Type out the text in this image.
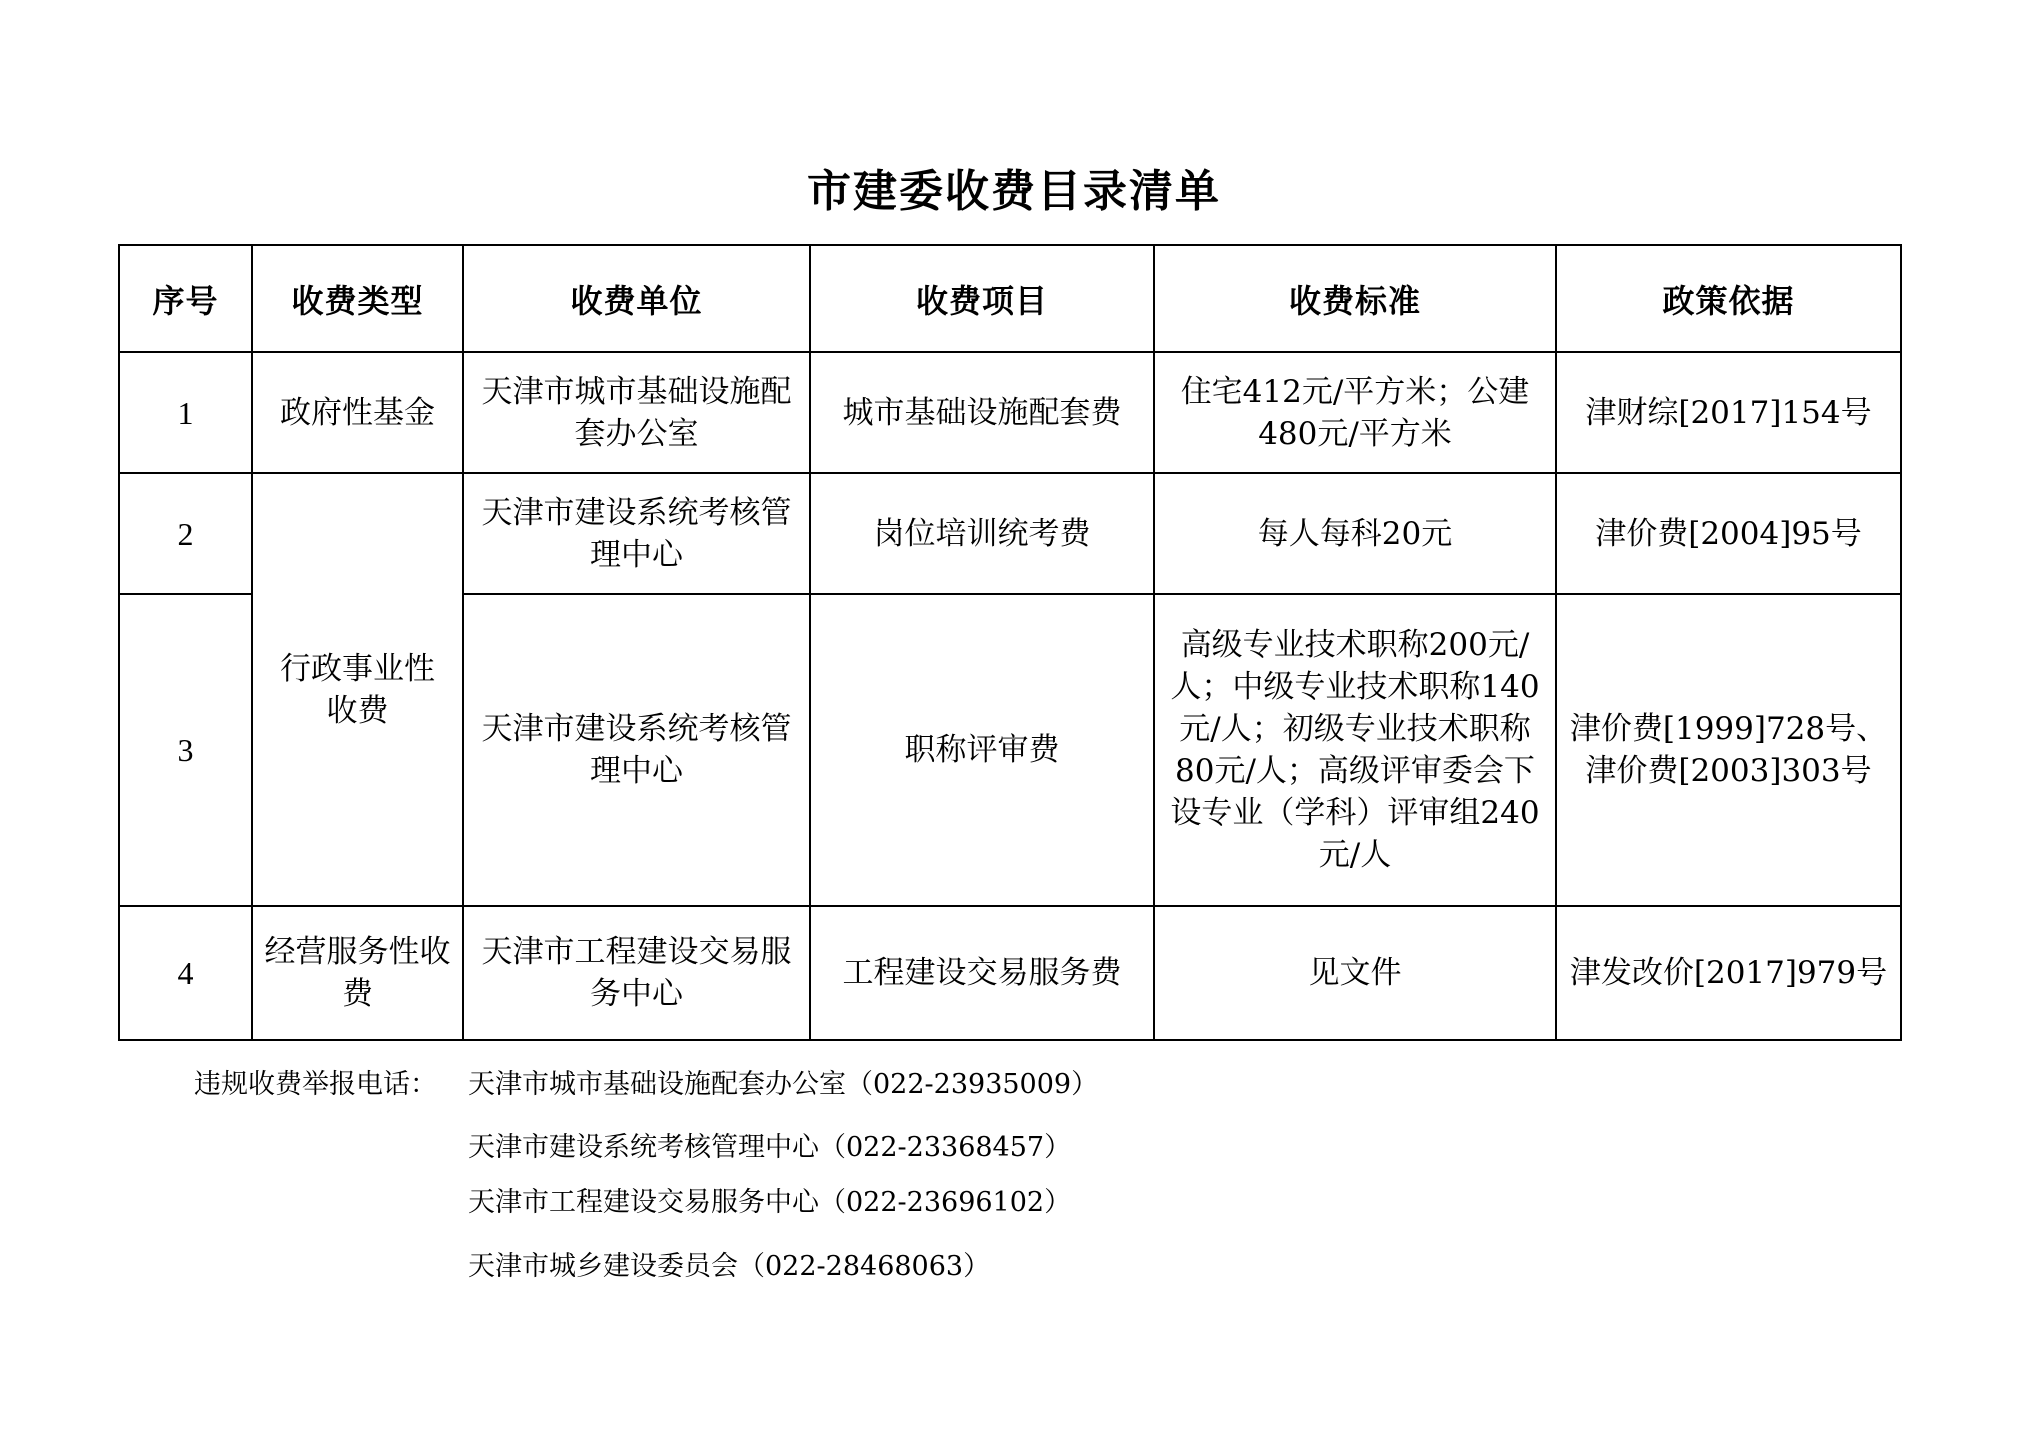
市建委收费目录清单
序号	收费类型	收费单位	收费项目	收费标准	政策依据
1	政府性基金	天津市城市基础设施配套办公室	城市基础设施配套费	住宅412元/平方米；公建480元/平方米	津财综[2017]154号
2	行政事业性收费	天津市建设系统考核管理中心	岗位培训统考费	每人每科20元	津价费[2004]95号
3		天津市建设系统考核管理中心	职称评审费	高级专业技术职称200元/人；中级专业技术职称140元/人；初级专业技术职称80元/人；高级评审委会下设专业（学科）评审组240元/人	津价费[1999]728号、津价费[2003]303号
4	经营服务性收费	天津市工程建设交易服务中心	工程建设交易服务费	见文件	津发改价[2017]979号
违规收费举报电话： 天津市城市基础设施配套办公室（022-23935009）
天津市建设系统考核管理中心（022-23368457）
天津市工程建设交易服务中心（022-23696102）
天津市城乡建设委员会（022-28468063）
